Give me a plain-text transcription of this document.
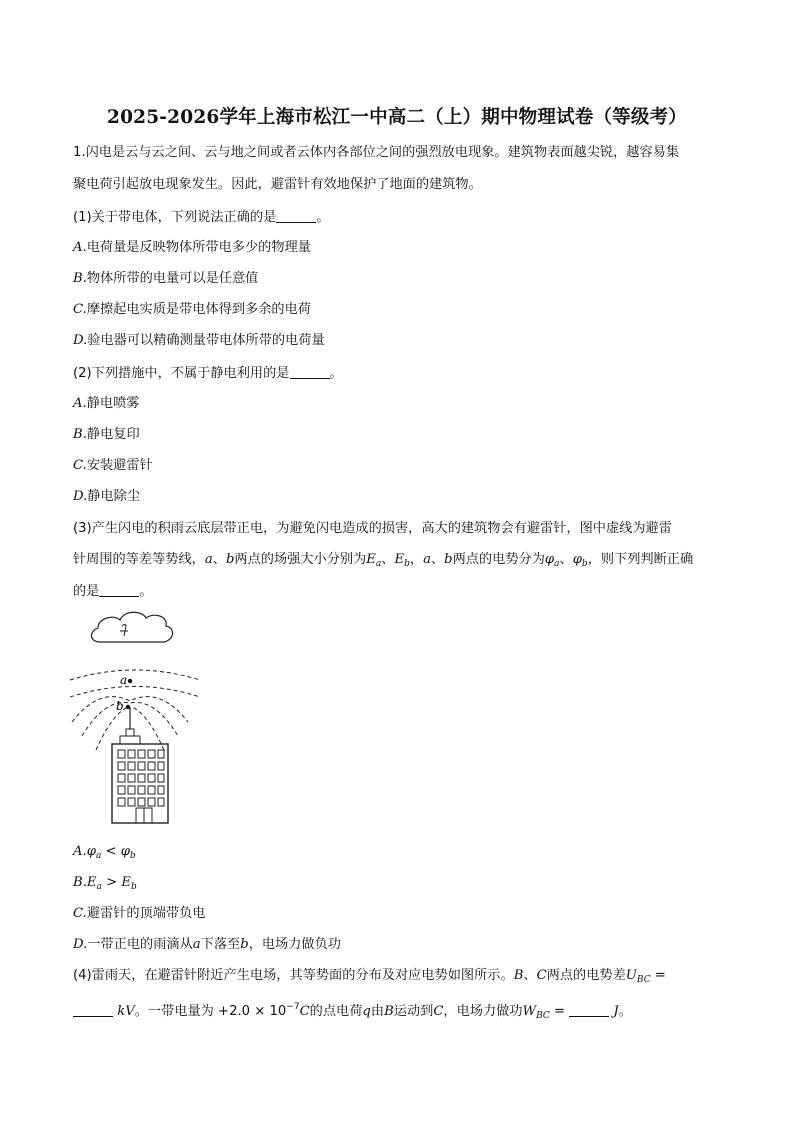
2025-2026学年上海市松江一中高二（上）期中物理试卷（等级考）
1.闪电是云与云之间、云与地之间或者云体内各部位之间的强烈放电现象。建筑物表面越尖锐，越容易集
聚电荷引起放电现象发生。因此，避雷针有效地保护了地面的建筑物。
(1)关于带电体，下列说法正确的是	。
A.电荷量是反映物体所带电多少的物理量
B.物体所带的电量可以是任意值
C.摩擦起电实质是带电体得到多余的电荷
D.验电器可以精确测量带电体所带的电荷量
(2)下列措施中，不属于静电利用的是	。
A.静电喷雾
B.静电复印
C.安装避雷针
D.静电除尘
(3)产生闪电的积雨云底层带正电，为避免闪电造成的损害，高大的建筑物会有避雷针，图中虚线为避雷
针周围的等差等势线，a、b两点的场强大小分别为$E_a$、$E_b$，a、b两点的电势分为$\varphi_a$、$\varphi_b$，则下列判断正确
的是	。
a
b
$A.\varphi_a < \varphi_b$
$B.E_a > E_b$
C.避雷针的顶端带负电
D.一带正电的雨滴从a下落至b，电场力做负功
(4)雷雨天，在避雷针附近产生电场，其等势面的分布及对应电势如图所示。B、C两点的电势差$U_{BC}$ =
kV。一带电量为 $+2.0 \times 10^{-7}C$的点电荷q由B运动到C，电场力做功$W_{BC}$ =	J。
